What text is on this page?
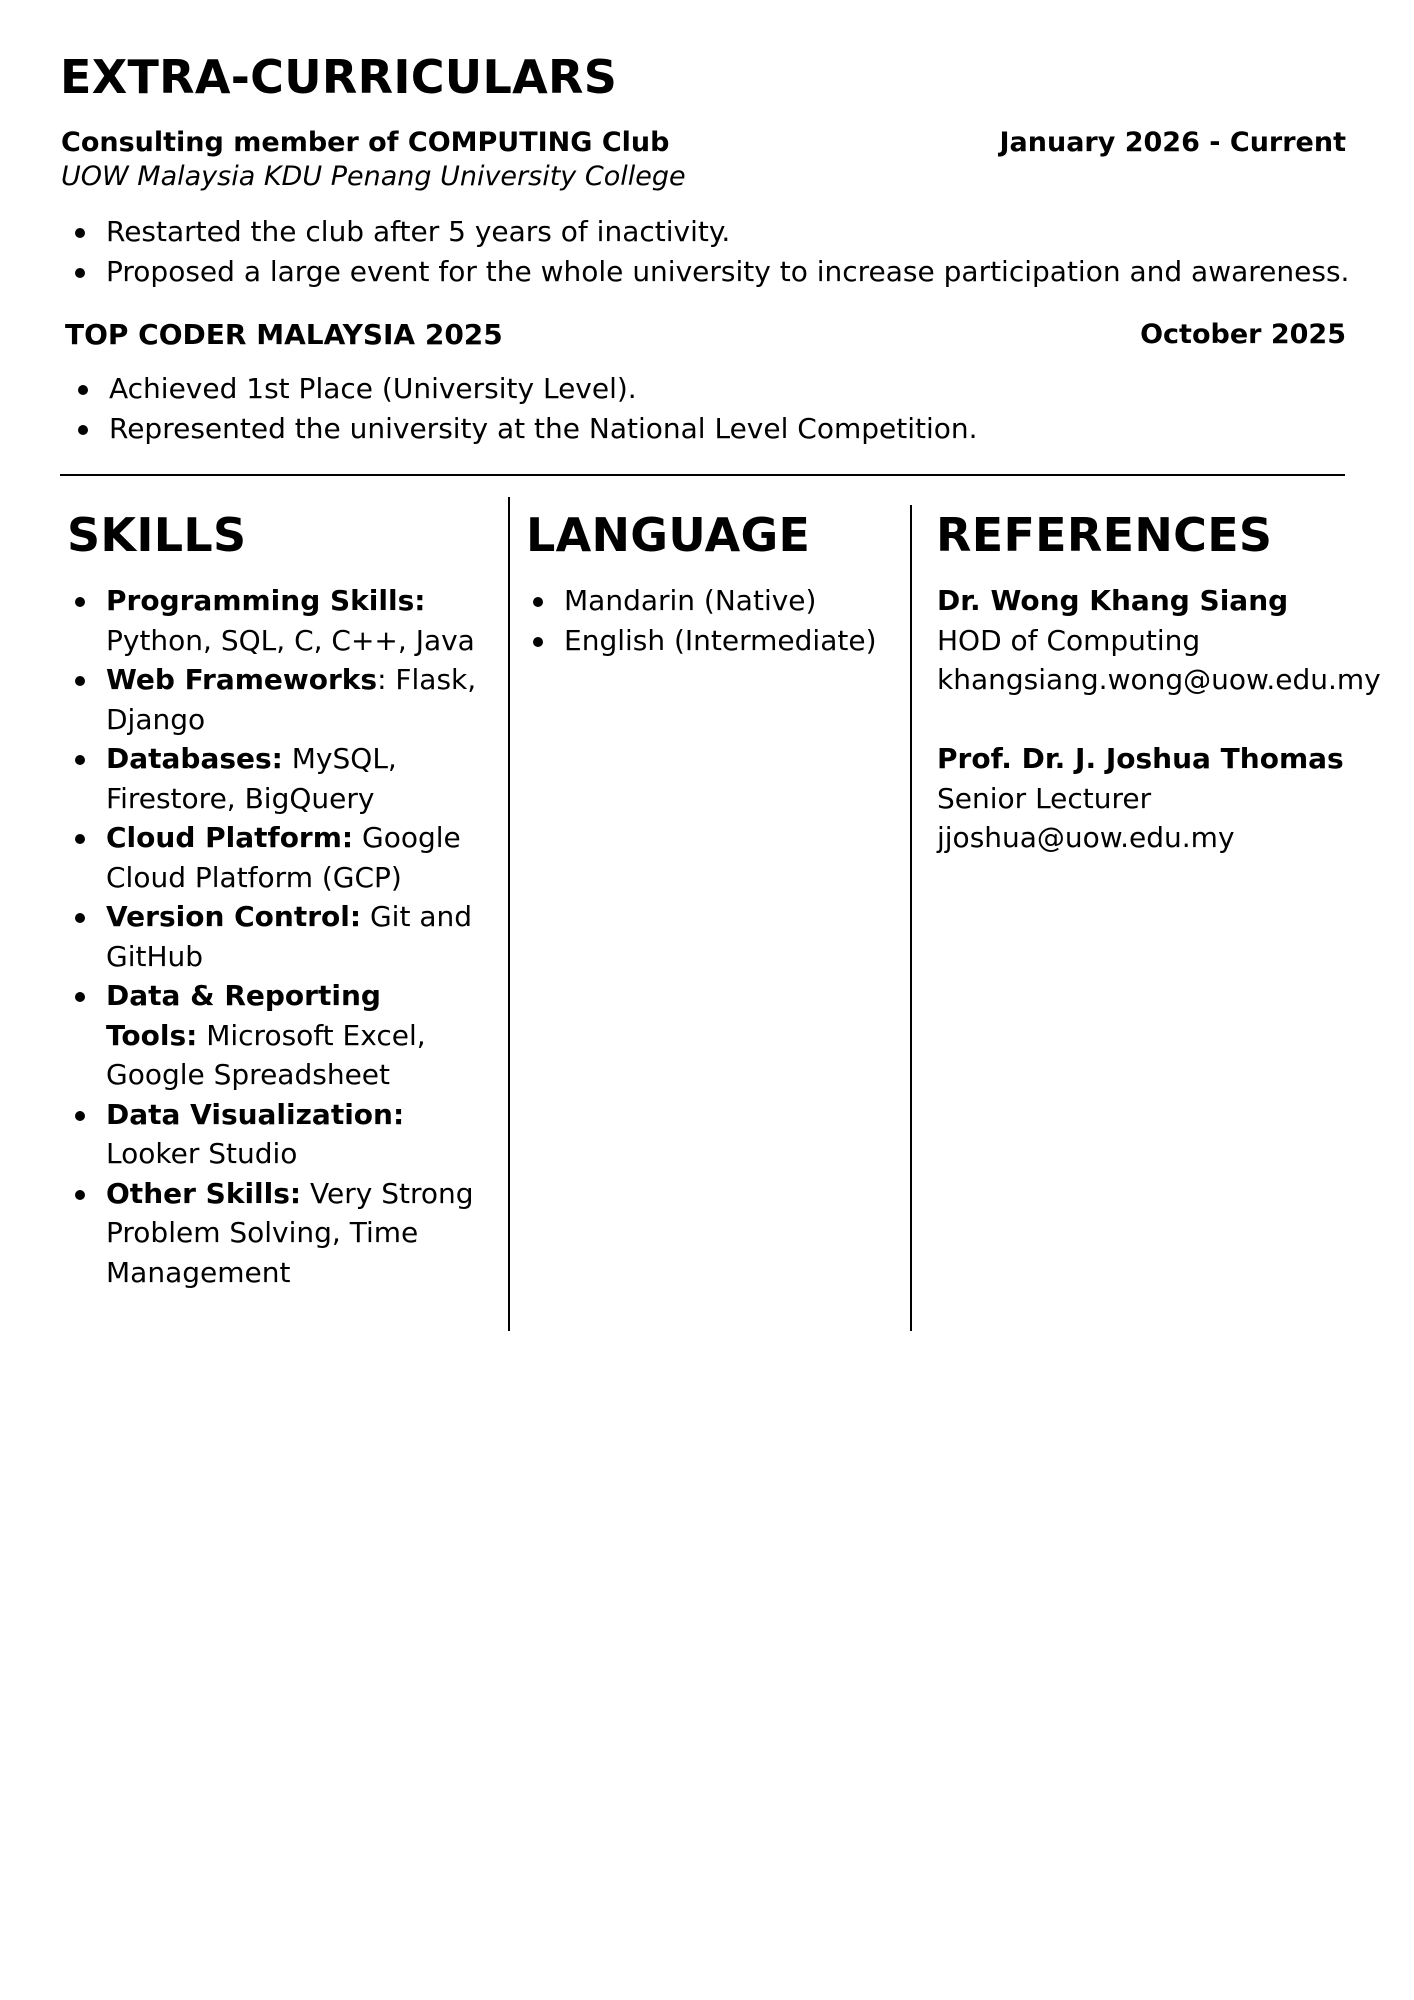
EXTRA-CURRICULARS
Consulting member of COMPUTING Club	January 2026 - Current
UOW Malaysia KDU Penang University College
Restarted the club after 5 years of inactivity.
Proposed a large event for the whole university to increase participation and awareness.
TOP CODER MALAYSIA 2025	October 2025
Achieved 1st Place (University Level).
Represented the university at the National Level Competition.
SKILLS
Programming Skills: Python, SQL, C, C++, Java
Web Frameworks: Flask, Django
Databases: MySQL, Firestore, BigQuery
Cloud Platform: Google Cloud Platform (GCP)
Version Control: Git and GitHub
Data & Reporting Tools: Microsoft Excel, Google Spreadsheet
Data Visualization: Looker Studio
Other Skills: Very Strong Problem Solving, Time Management
LANGUAGE
Mandarin (Native)
English (Intermediate)
REFERENCES
Dr. Wong Khang Siang
HOD of Computing
khangsiang.wong@uow.edu.my
Prof. Dr. J. Joshua Thomas
Senior Lecturer
jjoshua@uow.edu.my
